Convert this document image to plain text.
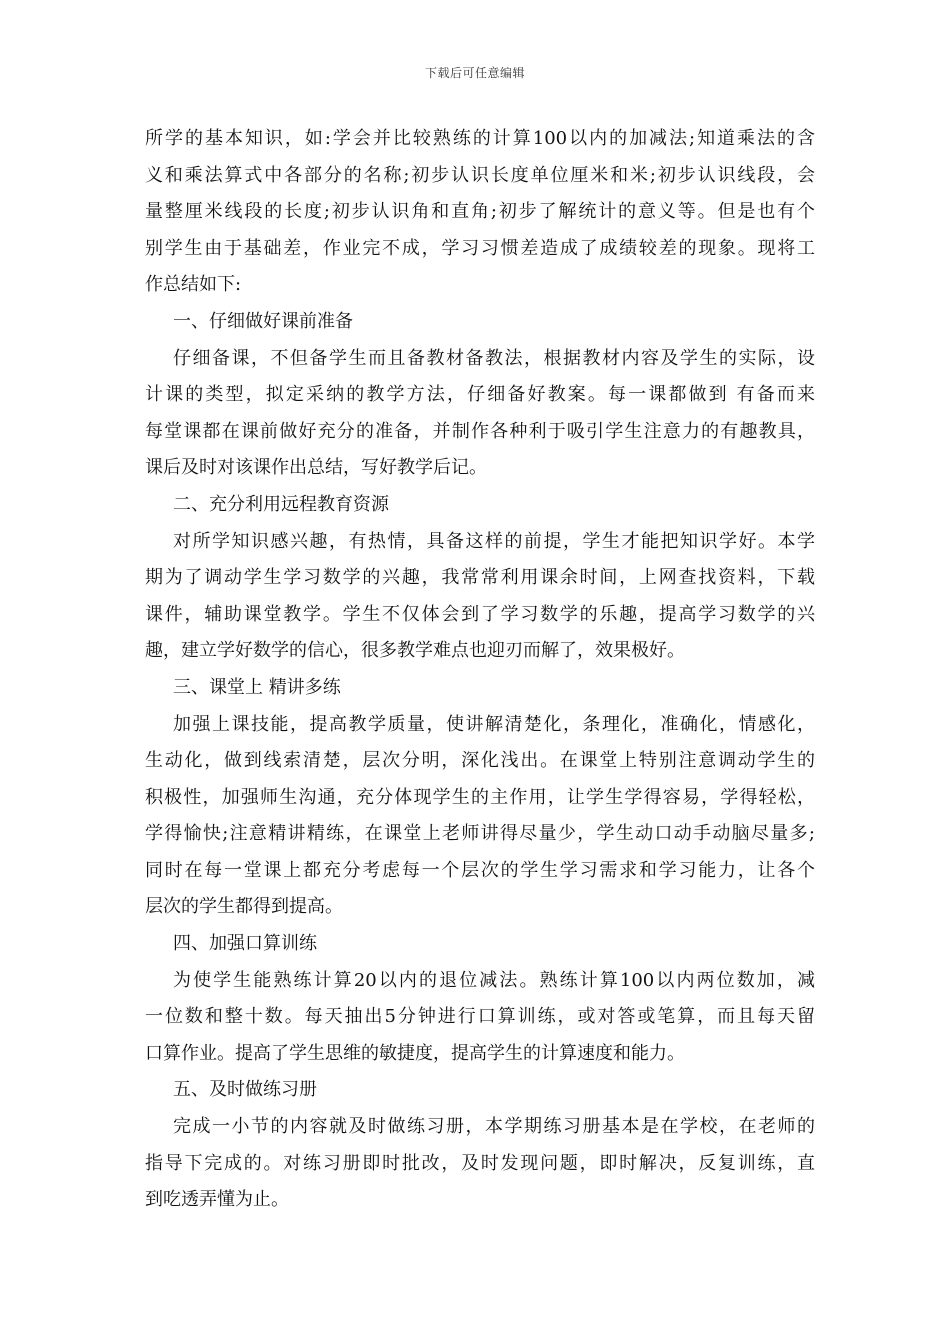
下载后可任意编辑
所学的基本知识，如:学会并比较熟练的计算100以内的加减法;知道乘法的含
义和乘法算式中各部分的名称;初步认识长度单位厘米和米;初步认识线段，会
量整厘米线段的长度;初步认识角和直角;初步了解统计的意义等。但是也有个
别学生由于基础差，作业完不成，学习习惯差造成了成绩较差的现象。现将工
作总结如下:
一、仔细做好课前准备
仔细备课，不但备学生而且备教材备教法，根据教材内容及学生的实际，设
计课的类型，拟定采纳的教学方法，仔细备好教案。每一课都做到 有备而来
每堂课都在课前做好充分的准备，并制作各种利于吸引学生注意力的有趣教具，
课后及时对该课作出总结，写好教学后记。
二、充分利用远程教育资源
对所学知识感兴趣，有热情，具备这样的前提，学生才能把知识学好。本学
期为了调动学生学习数学的兴趣，我常常利用课余时间，上网查找资料，下载
课件，辅助课堂教学。学生不仅体会到了学习数学的乐趣，提高学习数学的兴
趣，建立学好数学的信心，很多教学难点也迎刃而解了，效果极好。
三、课堂上 精讲多练
加强上课技能，提高教学质量，使讲解清楚化，条理化，准确化，情感化，
生动化，做到线索清楚，层次分明，深化浅出。在课堂上特别注意调动学生的
积极性，加强师生沟通，充分体现学生的主作用，让学生学得容易，学得轻松，
学得愉快;注意精讲精练，在课堂上老师讲得尽量少，学生动口动手动脑尽量多;
同时在每一堂课上都充分考虑每一个层次的学生学习需求和学习能力，让各个
层次的学生都得到提高。
四、加强口算训练
为使学生能熟练计算20以内的退位减法。熟练计算100以内两位数加，减
一位数和整十数。每天抽出5分钟进行口算训练，或对答或笔算，而且每天留
口算作业。提高了学生思维的敏捷度，提高学生的计算速度和能力。
五、及时做练习册
完成一小节的内容就及时做练习册，本学期练习册基本是在学校，在老师的
指导下完成的。对练习册即时批改，及时发现问题，即时解决，反复训练，直
到吃透弄懂为止。
